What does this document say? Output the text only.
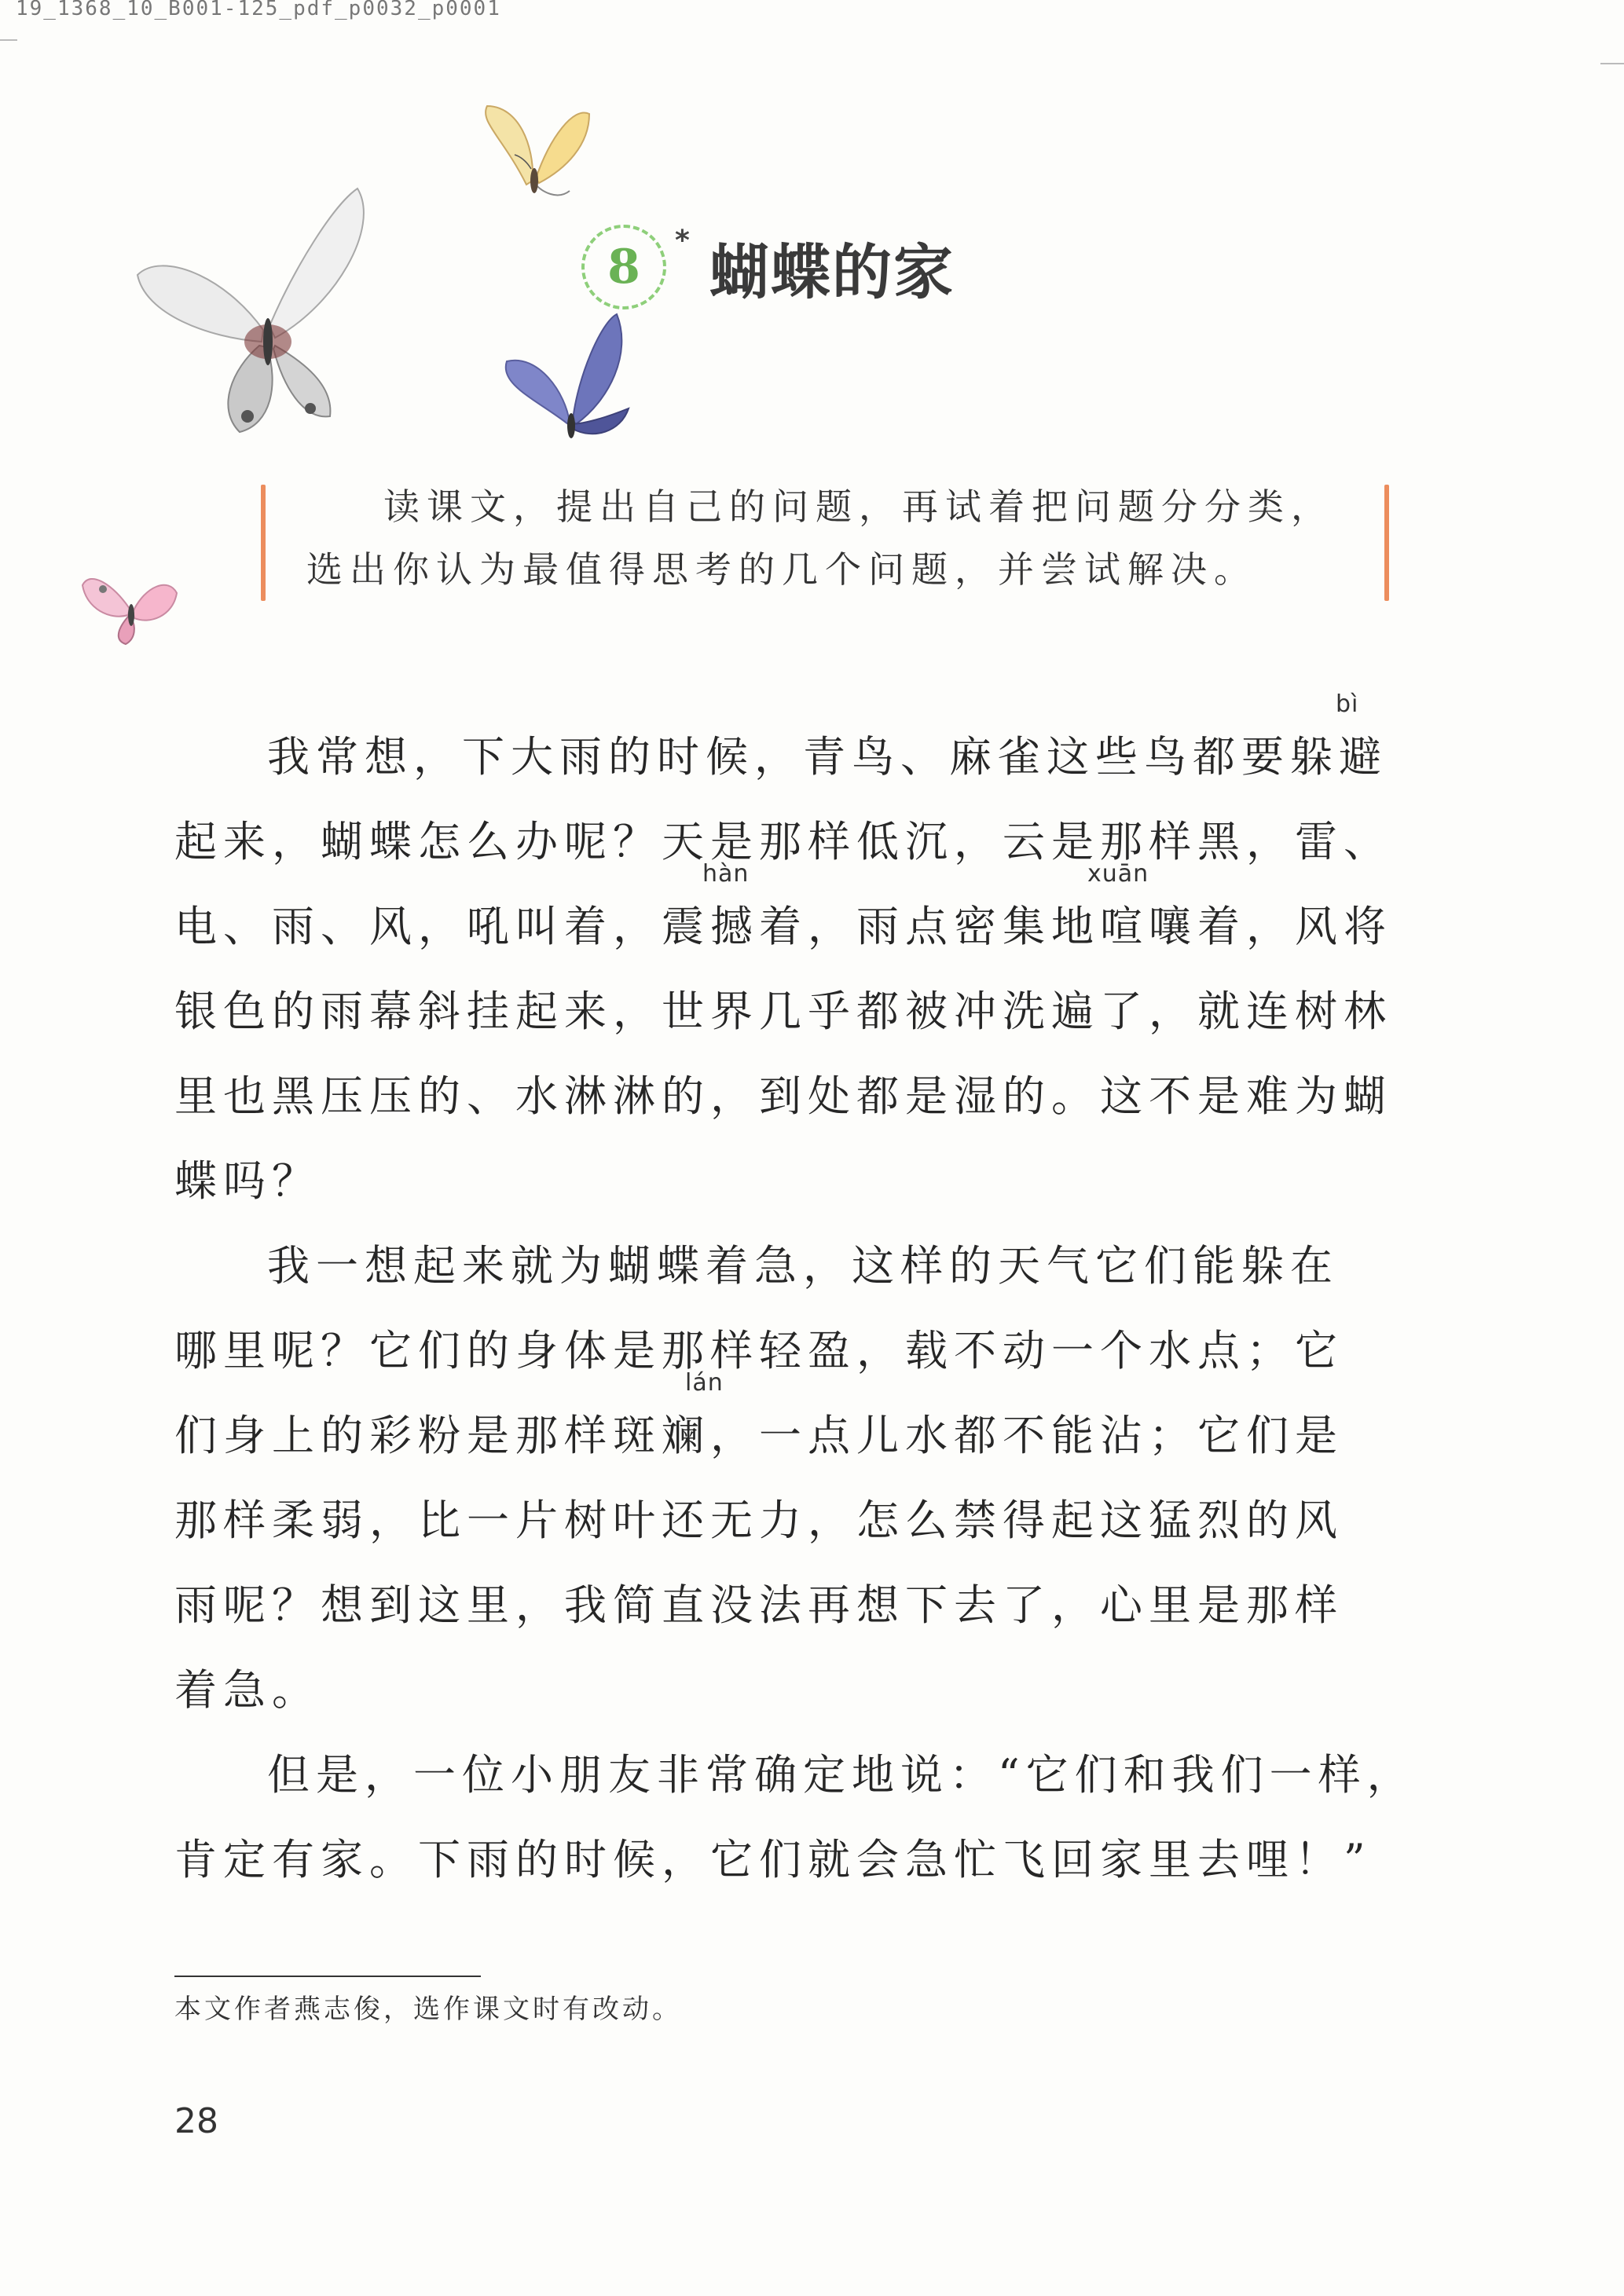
19_1368_10_B001-125_pdf_p0032_p0001
8 * 蝴蝶的家
读课文，提出自己的问题，再试着把问题分分类，
选出你认为最值得思考的几个问题，并尝试解决。
我常想，下大雨的时候，青鸟、麻雀这些鸟都要躲避
bì
起来，蝴蝶怎么办呢？天是那样低沉，云是那样黑，雷、
电、雨、风，吼叫着，震撼着，雨点密集地喧嚷着，风将
hàn	xuān
银色的雨幕斜挂起来，世界几乎都被冲洗遍了，就连树林
里也黑压压的、水淋淋的，到处都是湿的。这不是难为蝴
蝶吗？
我一想起来就为蝴蝶着急，这样的天气它们能躲在
哪里呢？它们的身体是那样轻盈，载不动一个水点；它
们身上的彩粉是那样斑斓，一点儿水都不能沾；它们是
lán
那样柔弱，比一片树叶还无力，怎么禁得起这猛烈的风
雨呢？想到这里，我简直没法再想下去了，心里是那样
着急。
但是，一位小朋友非常确定地说：“它们和我们一样，
肯定有家。下雨的时候，它们就会急忙飞回家里去哩！”
本文作者燕志俊，选作课文时有改动。
28
